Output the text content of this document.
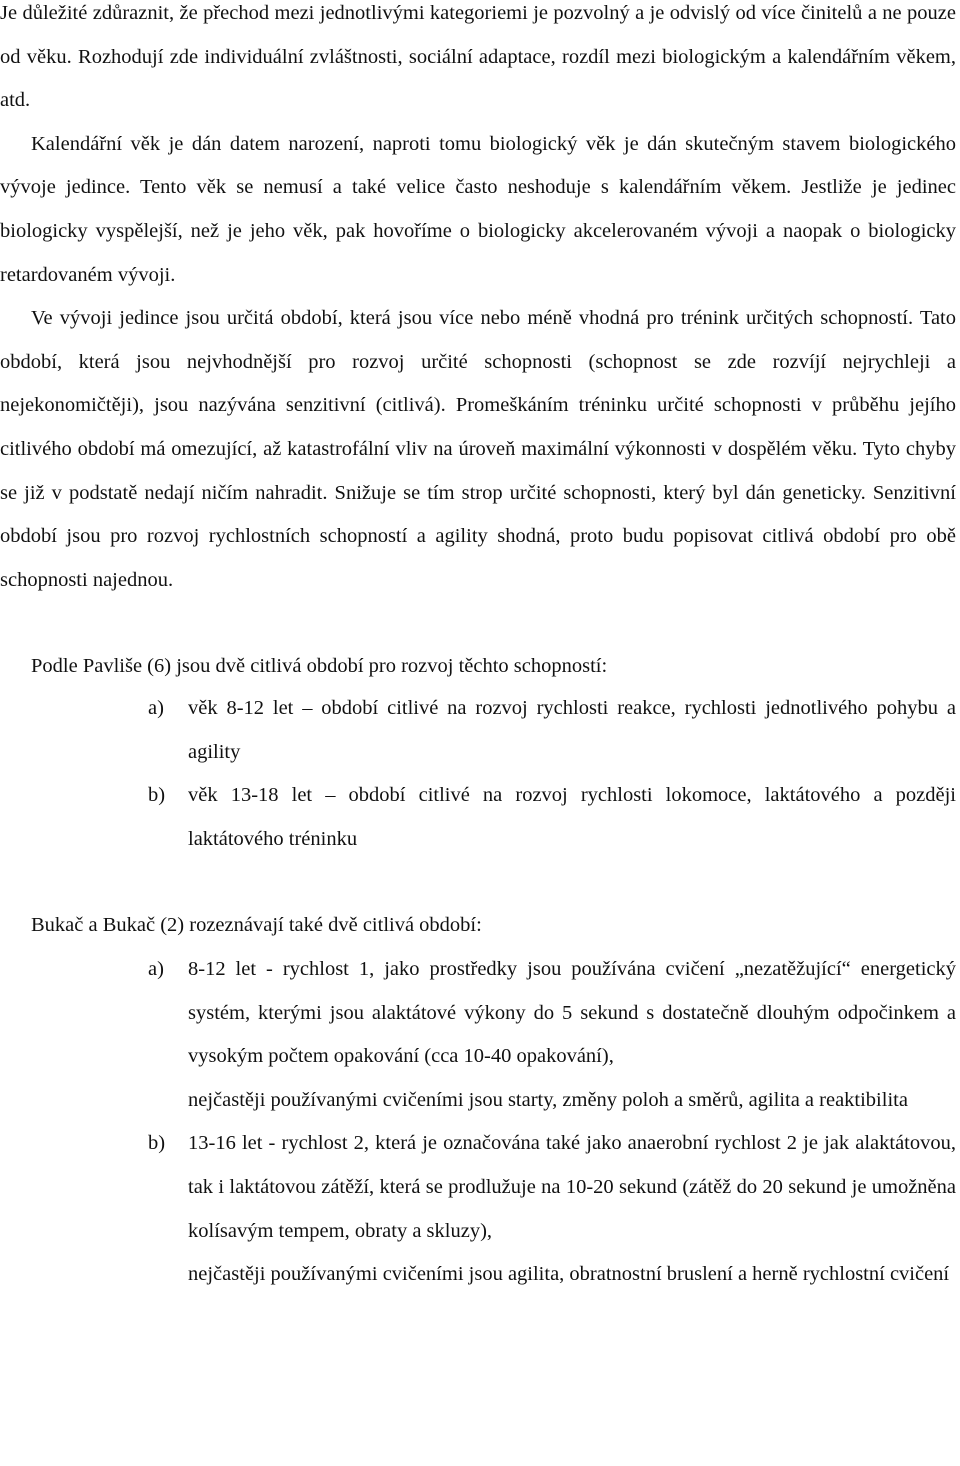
Je důležité zdůraznit, že přechod mezi jednotlivými kategoriemi je pozvolný a je odvislý od více činitelů a ne pouze od věku. Rozhodují zde individuální zvláštnosti, sociální adaptace, rozdíl mezi biologickým a kalendářním věkem, atd.

Kalendářní věk je dán datem narození, naproti tomu biologický věk je dán skutečným stavem biologického vývoje jedince. Tento věk se nemusí a také velice často neshoduje s kalendářním věkem. Jestliže je jedinec biologicky vyspělejší, než je jeho věk, pak hovoříme o biologicky akcelerovaném vývoji a naopak o biologicky retardovaném vývoji.

Ve vývoji jedince jsou určitá období, která jsou více nebo méně vhodná pro trénink určitých schopností. Tato období, která jsou nejvhodnější pro rozvoj určité schopnosti (schopnost se zde rozvíjí nejrychleji a nejekonomičtěji), jsou nazývána senzitivní (citlivá). Promeškáním tréninku určité schopnosti v průběhu jejího citlivého období má omezující, až katastrofální vliv na úroveň maximální výkonnosti v dospělém věku. Tyto chyby se již v podstatě nedají ničím nahradit. Snižuje se tím strop určité schopnosti, který byl dán geneticky. Senzitivní období jsou pro rozvoj rychlostních schopností a agility shodná, proto budu popisovat citlivá období pro obě schopnosti najednou.

Podle Pavliše (6) jsou dvě citlivá období pro rozvoj těchto schopností:

a) věk 8-12 let – období citlivé na rozvoj rychlosti reakce, rychlosti jednotlivého pohybu a agility
b) věk 13-18 let – období citlivé na rozvoj rychlosti lokomoce, laktátového a později laktátového tréninku

Bukač a Bukač (2) rozeznávají také dvě citlivá období:

a) 8-12 let - rychlost 1, jako prostředky jsou používána cvičení „nezatěžující“ energetický systém, kterými jsou alaktátové výkony do 5 sekund s dostatečně dlouhým odpočinkem a vysokým počtem opakování (cca 10-40 opakování),
nejčastěji používanými cvičeními jsou starty, změny poloh a směrů, agilita a reaktibilita
b) 13-16 let - rychlost 2, která je označována také jako anaerobní rychlost 2 je jak alaktátovou, tak i laktátovou zátěží, která se prodlužuje na 10-20 sekund (zátěž do 20 sekund je umožněna kolísavým tempem, obraty a skluzy),
nejčastěji používanými cvičeními jsou agilita, obratnostní bruslení a herně rychlostní cvičení
